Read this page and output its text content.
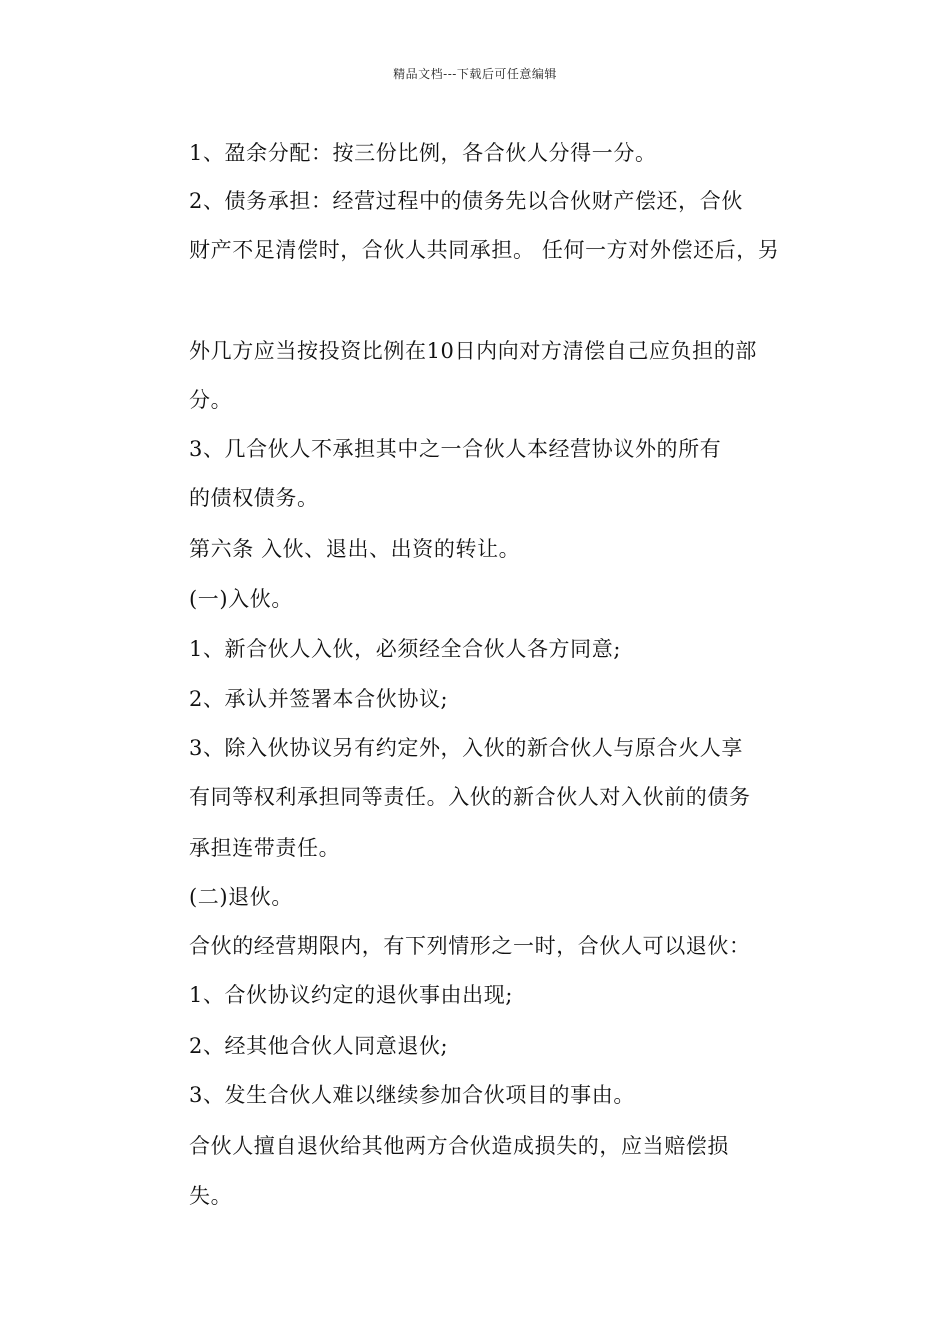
精品文档---下载后可任意编辑
1、盈余分配：按三份比例，各合伙人分得一分。
2、债务承担：经营过程中的债务先以合伙财产偿还，合伙
财产不足清偿时，合伙人共同承担。 任何一方对外偿还后，另
外几方应当按投资比例在10日内向对方清偿自己应负担的部
分。
3、几合伙人不承担其中之一合伙人本经营协议外的所有
的债权债务。
第六条 入伙、退出、出资的转让。
(一)入伙。
1、新合伙人入伙，必须经全合伙人各方同意;
2、承认并签署本合伙协议;
3、除入伙协议另有约定外，入伙的新合伙人与原合火人享
有同等权利承担同等责任。入伙的新合伙人对入伙前的债务
承担连带责任。
(二)退伙。
合伙的经营期限内，有下列情形之一时，合伙人可以退伙：
1、合伙协议约定的退伙事由出现;
2、经其他合伙人同意退伙;
3、发生合伙人难以继续参加合伙项目的事由。
合伙人擅自退伙给其他两方合伙造成损失的，应当赔偿损
失。
